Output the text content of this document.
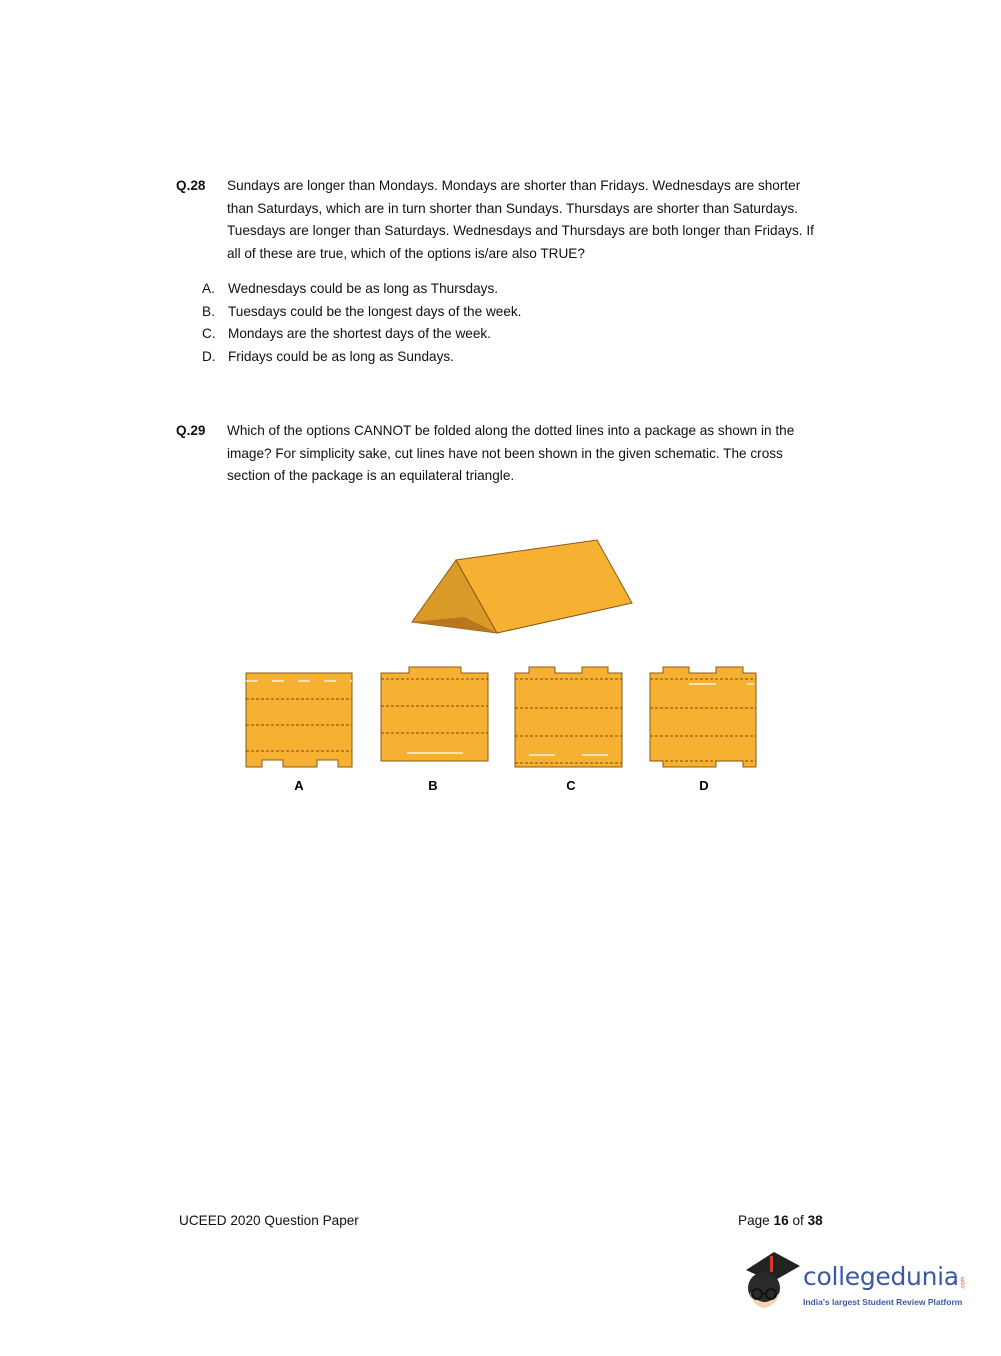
Q.28 Sundays are longer than Mondays. Mondays are shorter than Fridays. Wednesdays are shorter than Saturdays, which are in turn shorter than Sundays. Thursdays are shorter than Saturdays. Tuesdays are longer than Saturdays. Wednesdays and Thursdays are both longer than Fridays. If all of these are true, which of the options is/are also TRUE?
A. Wednesdays could be as long as Thursdays.
B. Tuesdays could be the longest days of the week.
C. Mondays are the shortest days of the week.
D. Fridays could be as long as Sundays.
Q.29 Which of the options CANNOT be folded along the dotted lines into a package as shown in the image? For simplicity sake, cut lines have not been shown in the given schematic. The cross section of the package is an equilateral triangle.
A	B	C	D
UCEED 2020 Question Paper	Page 16 of 38
collegedunia .com
India's largest Student Review Platform
